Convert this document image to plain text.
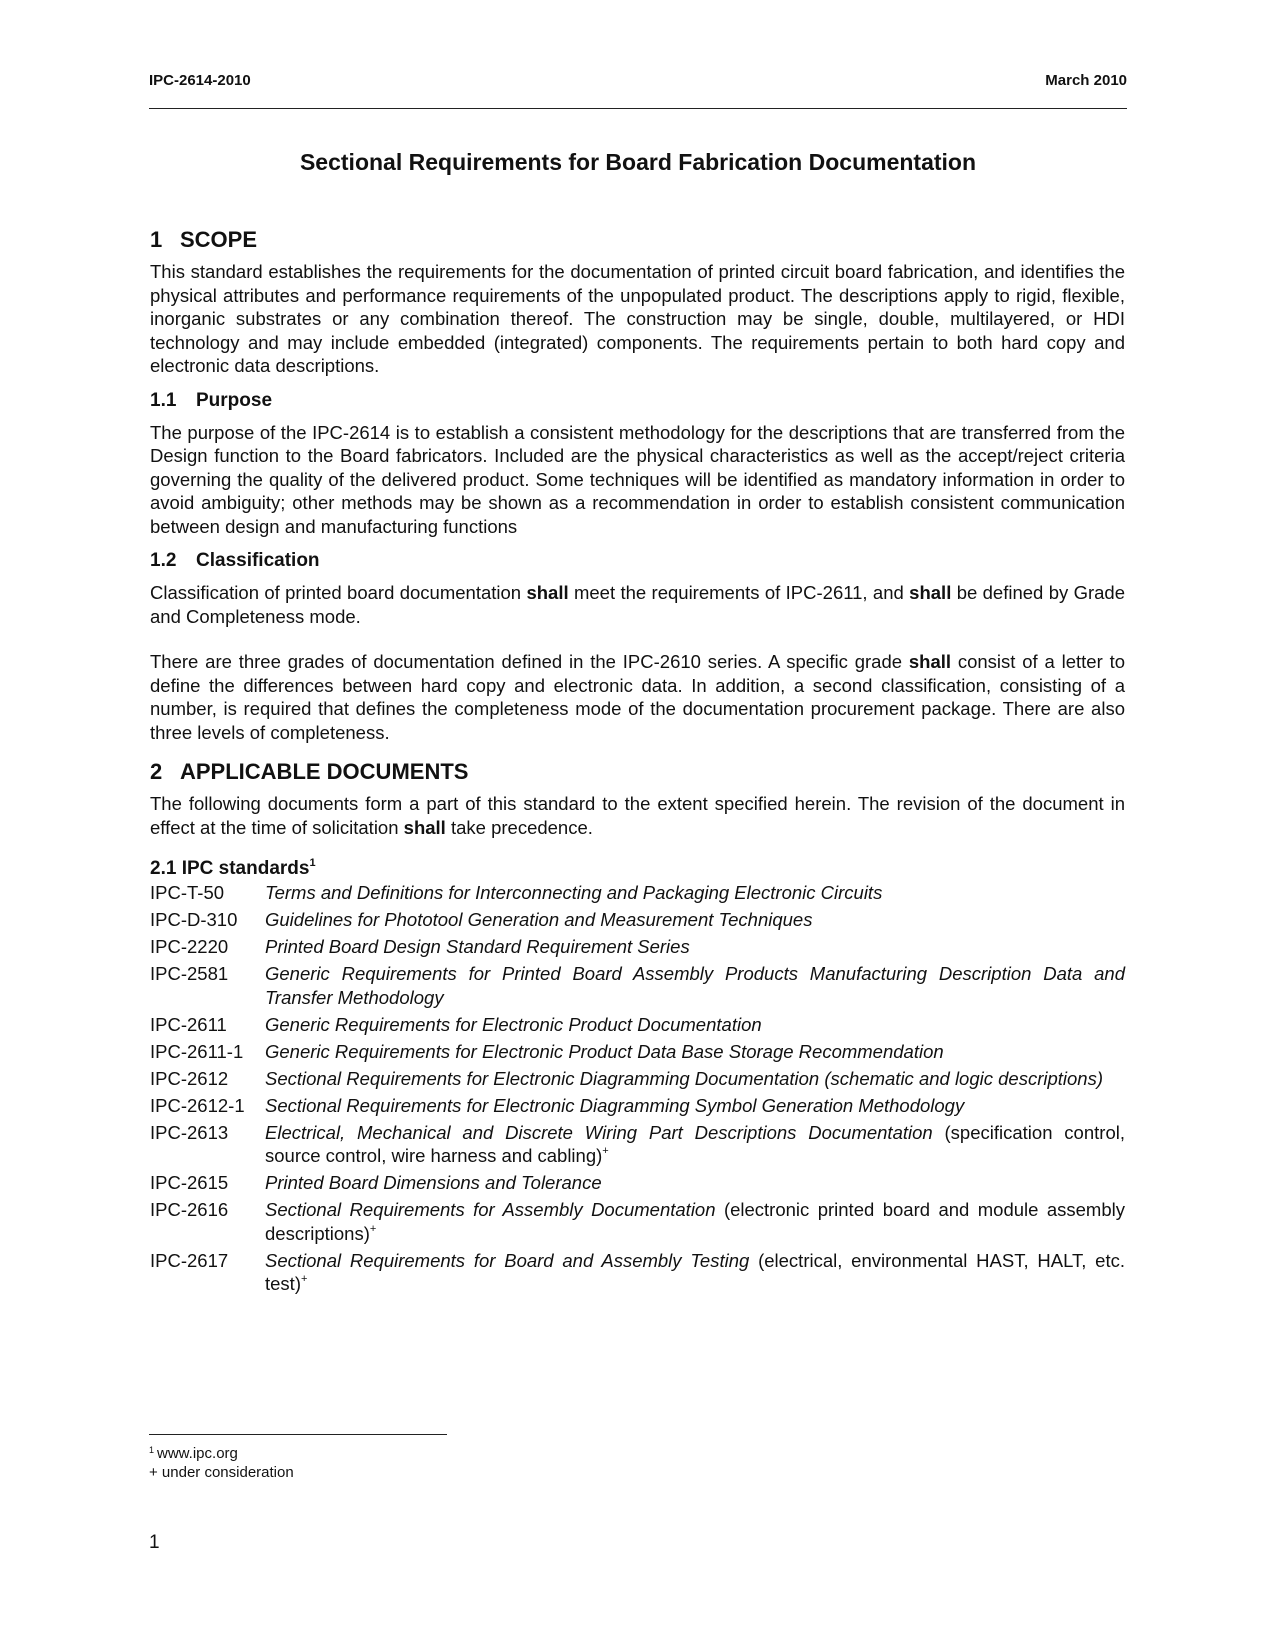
IPC-2614-2010	March 2010
Sectional Requirements for Board Fabrication Documentation
1 SCOPE

This standard establishes the requirements for the documentation of printed circuit board fabrication, and identifies the physical attributes and performance requirements of the unpopulated product. The descriptions apply to rigid, flexible, inorganic substrates or any combination thereof. The construction may be single, double, multilayered, or HDI technology and may include embedded (integrated) components. The requirements pertain to both hard copy and electronic data descriptions.

1.1 Purpose

The purpose of the IPC-2614 is to establish a consistent methodology for the descriptions that are transferred from the Design function to the Board fabricators. Included are the physical characteristics as well as the accept/reject criteria governing the quality of the delivered product. Some techniques will be identified as mandatory information in order to avoid ambiguity; other methods may be shown as a recommendation in order to establish consistent communication between design and manufacturing functions

1.2 Classification

Classification of printed board documentation shall meet the requirements of IPC-2611, and shall be defined by Grade and Completeness mode.

There are three grades of documentation defined in the IPC-2610 series. A specific grade shall consist of a letter to define the differences between hard copy and electronic data. In addition, a second classification, consisting of a number, is required that defines the completeness mode of the documentation procurement package. There are also three levels of completeness.

2 APPLICABLE DOCUMENTS

The following documents form a part of this standard to the extent specified herein. The revision of the document in effect at the time of solicitation shall take precedence.

2.1 IPC standards$^1$
IPC-T-50	Terms and Definitions for Interconnecting and Packaging Electronic Circuits
IPC-D-310	Guidelines for Phototool Generation and Measurement Techniques
IPC-2220	Printed Board Design Standard Requirement Series
IPC-2581	Generic Requirements for Printed Board Assembly Products Manufacturing Description Data and Transfer Methodology
IPC-2611	Generic Requirements for Electronic Product Documentation
IPC-2611-1	Generic Requirements for Electronic Product Data Base Storage Recommendation
IPC-2612	Sectional Requirements for Electronic Diagramming Documentation (schematic and logic descriptions)
IPC-2612-1	Sectional Requirements for Electronic Diagramming Symbol Generation Methodology
IPC-2613	Electrical, Mechanical and Discrete Wiring Part Descriptions Documentation (specification control, source control, wire harness and cabling)+
IPC-2615	Printed Board Dimensions and Tolerance
IPC-2616	Sectional Requirements for Assembly Documentation (electronic printed board and module assembly descriptions)+
IPC-2617	Sectional Requirements for Board and Assembly Testing (electrical, environmental HAST, HALT, etc. test)+
$^1$ www.ipc.org
+ under consideration
1
